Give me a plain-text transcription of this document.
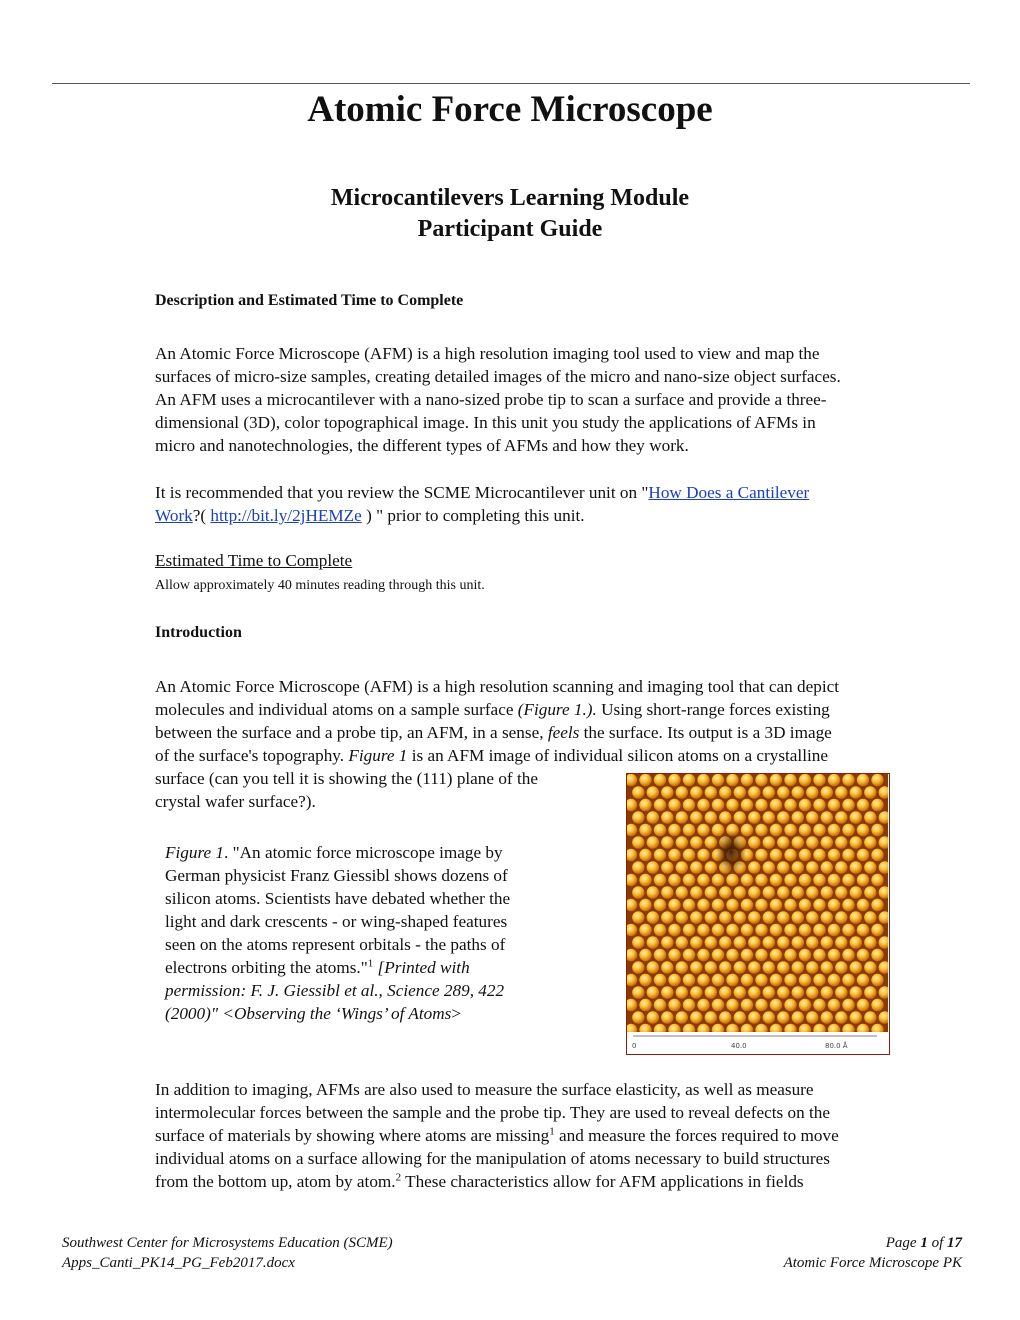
Atomic Force Microscope
Microcantilevers Learning Module
Participant Guide
Description and Estimated Time to Complete
An Atomic Force Microscope (AFM) is a high resolution imaging tool used to view and map the
surfaces of micro-size samples, creating detailed images of the micro and nano-size object surfaces.
An AFM uses a microcantilever with a nano-sized probe tip to scan a surface and provide a three-
dimensional (3D), color topographical image. In this unit you study the applications of AFMs in
micro and nanotechnologies, the different types of AFMs and how they work.
It is recommended that you review the SCME Microcantilever unit on "How Does a Cantilever
Work?( http://bit.ly/2jHEMZe ) " prior to completing this unit.
Estimated Time to Complete
Allow approximately 40 minutes reading through this unit.
Introduction
An Atomic Force Microscope (AFM) is a high resolution scanning and imaging tool that can depict
molecules and individual atoms on a sample surface (Figure 1.). Using short-range forces existing
between the surface and a probe tip, an AFM, in a sense, feels the surface. Its output is a 3D image
of the surface's topography. Figure 1 is an AFM image of individual silicon atoms on a crystalline
surface (can you tell it is showing the (111) plane of the
crystal wafer surface?).
0	40.0	80.0 Å
Figure 1. "An atomic force microscope image by
German physicist Franz Giessibl shows dozens of
silicon atoms. Scientists have debated whether the
light and dark crescents - or wing-shaped features
seen on the atoms represent orbitals - the paths of
electrons orbiting the atoms."$^1$ [Printed with
permission: F. J. Giessibl et al., Science 289, 422
(2000)" <Observing the ‘Wings’ of Atoms>
In addition to imaging, AFMs are also used to measure the surface elasticity, as well as measure
intermolecular forces between the sample and the probe tip. They are used to reveal defects on the
surface of materials by showing where atoms are missing$^1$ and measure the forces required to move
individual atoms on a surface allowing for the manipulation of atoms necessary to build structures
from the bottom up, atom by atom.$^2$ These characteristics allow for AFM applications in fields
Southwest Center for Microsystems Education (SCME)	Page 1 of 17
Apps_Canti_PK14_PG_Feb2017.docx	Atomic Force Microscope PK
